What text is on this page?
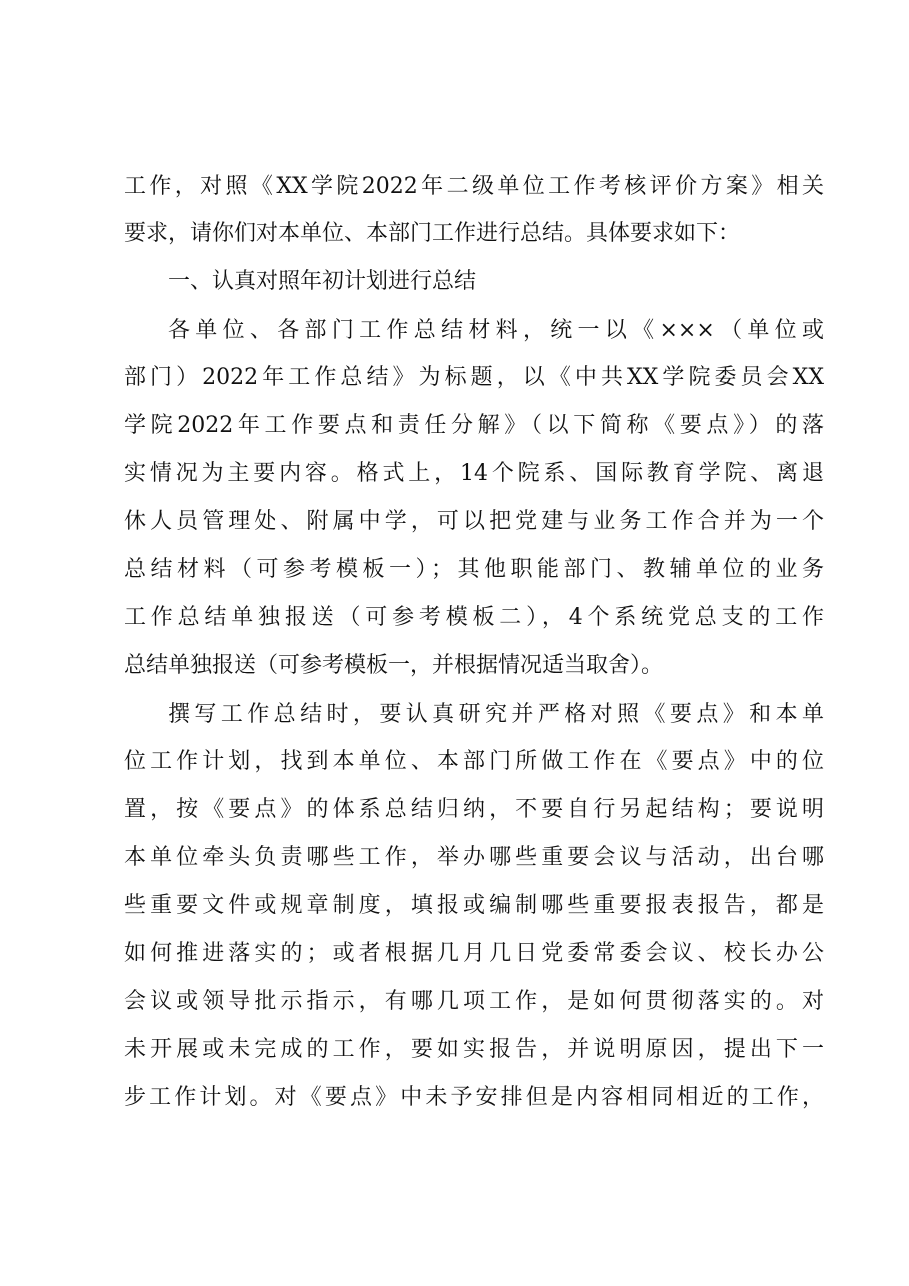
工作，对照《XX学院2022年二级单位工作考核评价方案》相关
要求，请你们对本单位、本部门工作进行总结。具体要求如下：
一、认真对照年初计划进行总结
各单位、各部门工作总结材料，统一以《×××（单位或
部门）2022年工作总结》为标题，以《中共XX学院委员会XX
学院2022年工作要点和责任分解》（以下简称《要点》）的落
实情况为主要内容。格式上，14个院系、国际教育学院、离退
休人员管理处、附属中学，可以把党建与业务工作合并为一个
总结材料（可参考模板一）；其他职能部门、教辅单位的业务
工作总结单独报送（可参考模板二），4个系统党总支的工作
总结单独报送（可参考模板一，并根据情况适当取舍）。
撰写工作总结时，要认真研究并严格对照《要点》和本单
位工作计划，找到本单位、本部门所做工作在《要点》中的位
置，按《要点》的体系总结归纳，不要自行另起结构；要说明
本单位牵头负责哪些工作，举办哪些重要会议与活动，出台哪
些重要文件或规章制度，填报或编制哪些重要报表报告，都是
如何推进落实的；或者根据几月几日党委常委会议、校长办公
会议或领导批示指示，有哪几项工作，是如何贯彻落实的。对
未开展或未完成的工作，要如实报告，并说明原因，提出下一
步工作计划。对《要点》中未予安排但是内容相同相近的工作，
